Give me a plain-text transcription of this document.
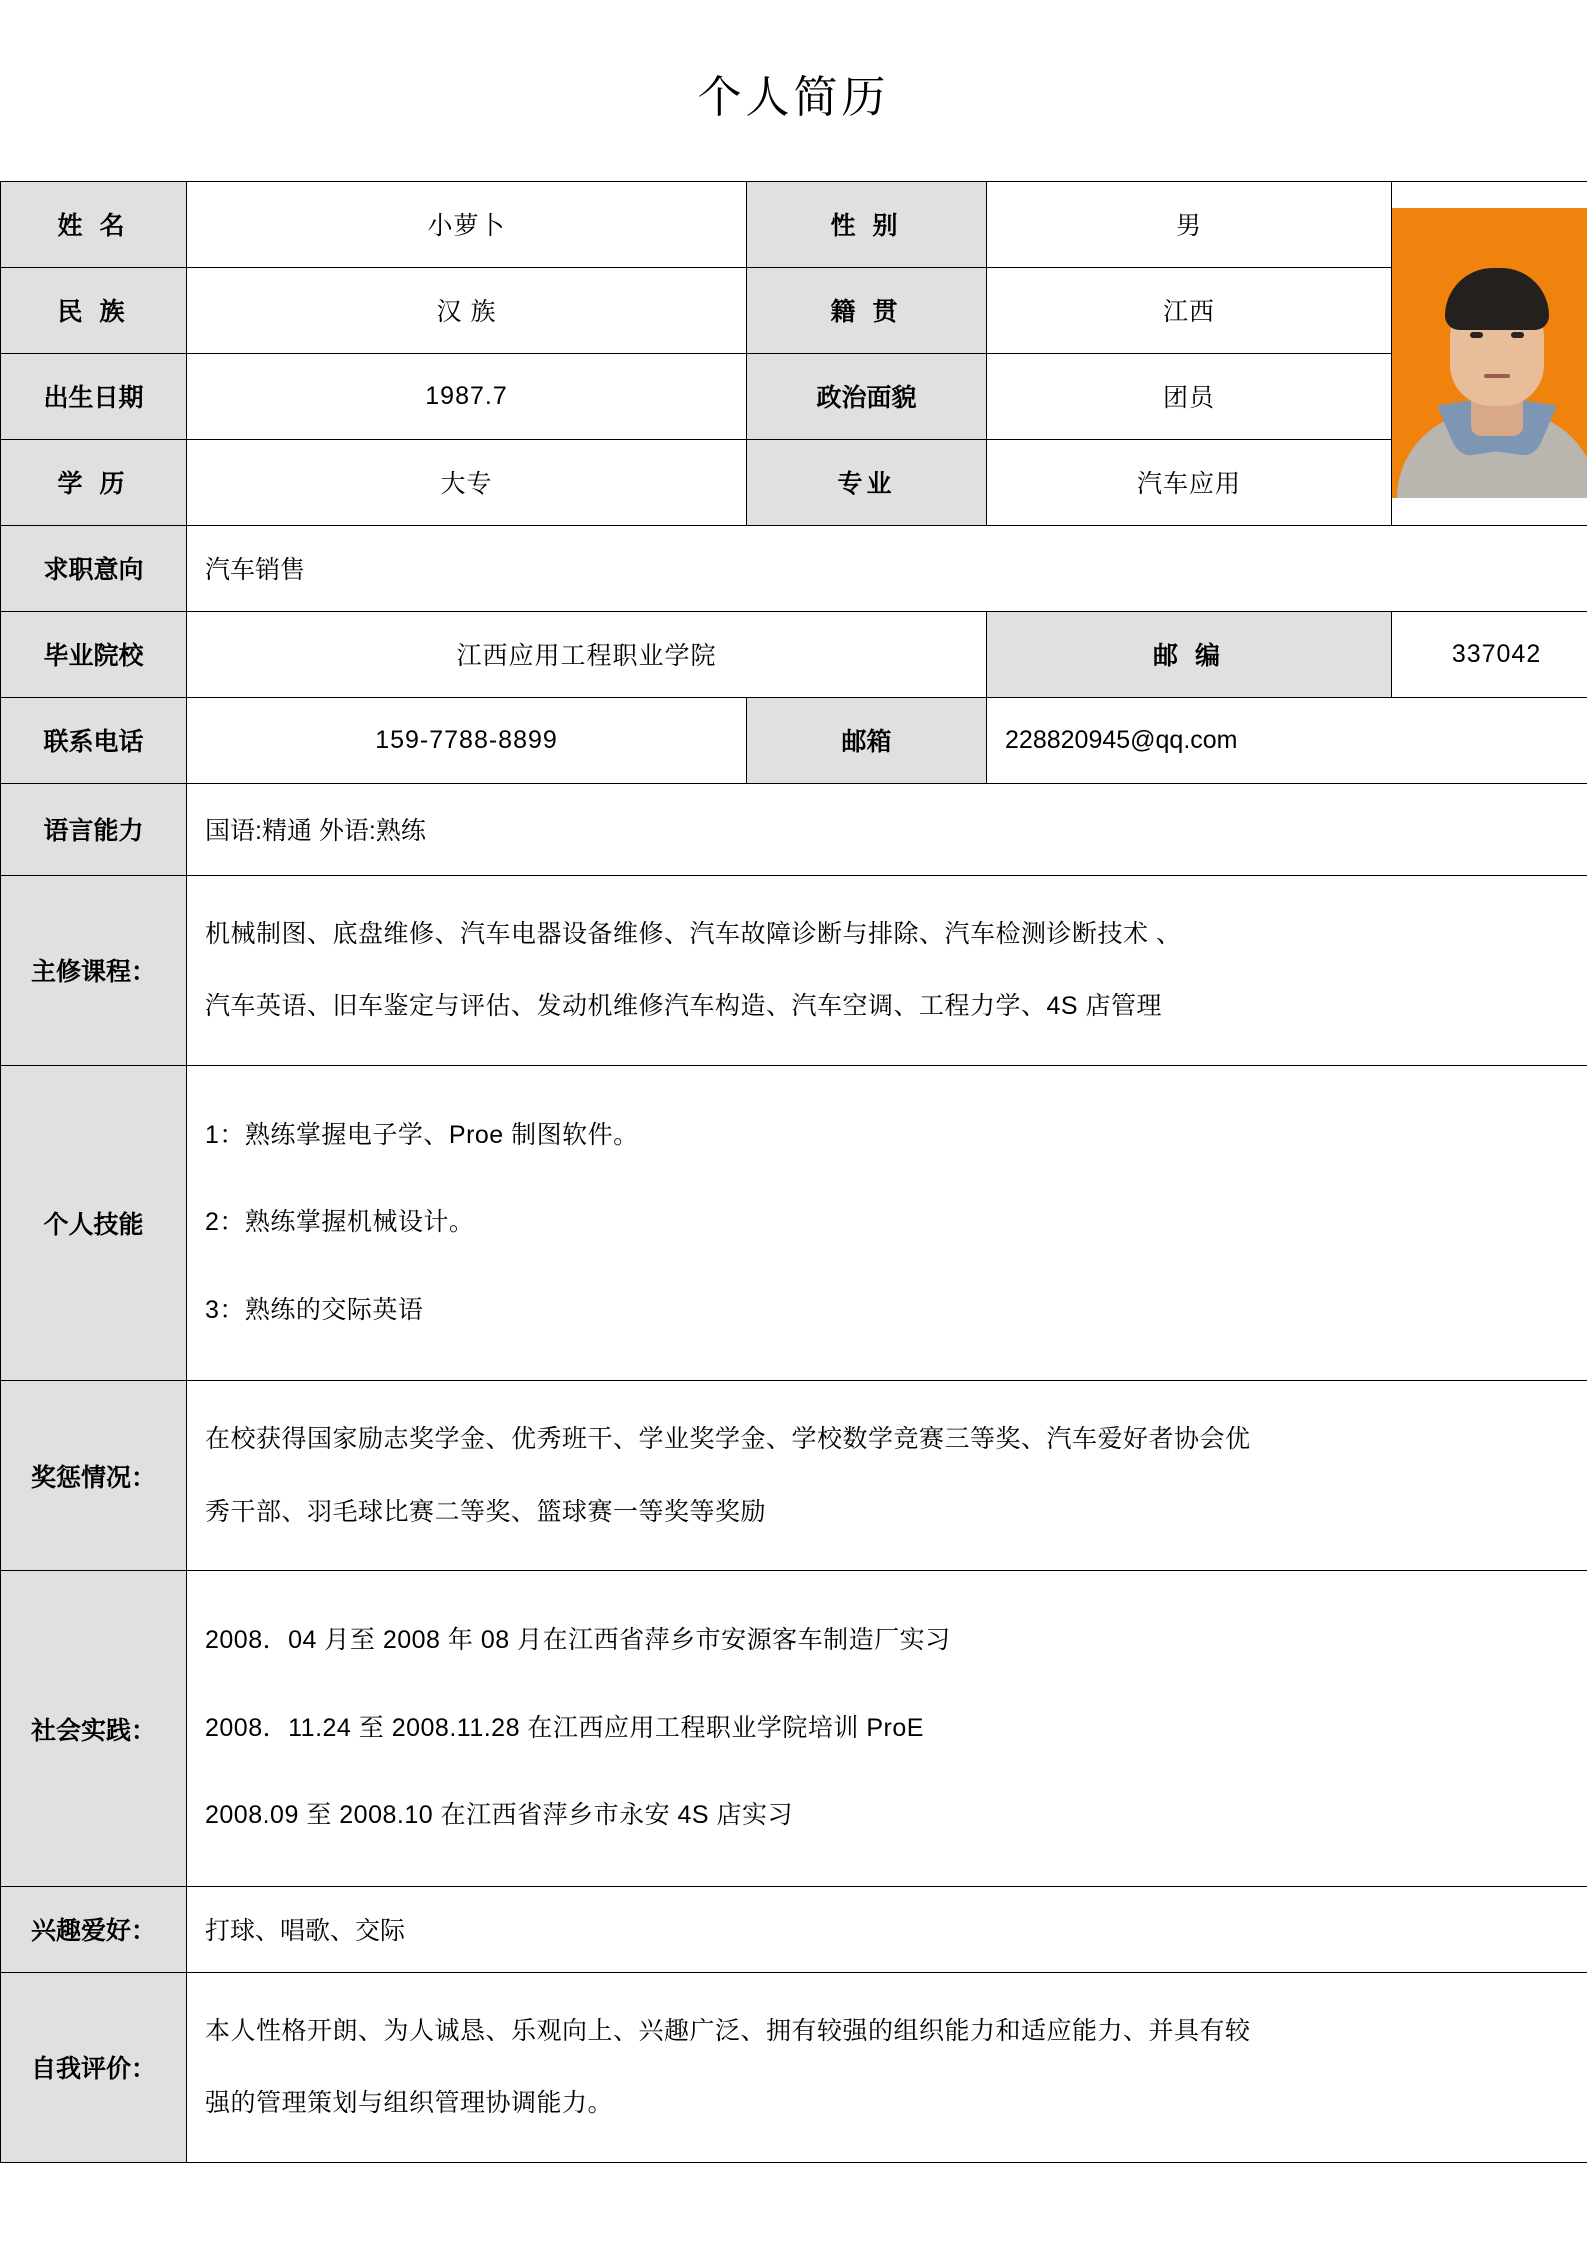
个人简历
姓 名	小萝卜	性 别	男	

民 族	汉 族	籍 贯	江西	
出生日期	1987.7	政治面貌	团员	
学 历	大专	专业	汽车应用	
求职意向	汽车销售			
毕业院校	江西应用工程职业学院		邮 编	337042
联系电话	159-7788-8899	邮箱	228820945@qq.com	
语言能力	国语:精通 外语:熟练			
主修课程：	机械制图、底盘维修、汽车电器设备维修、汽车故障诊断与排除、汽车检测诊断技术 、
汽车英语、旧车鉴定与评估、发动机维修汽车构造、汽车空调、工程力学、4S 店管理			

个人技能	1：熟练掌握电子学、Proe 制图软件。
2：熟练掌握机械设计。
3：熟练的交际英语			

奖惩情况：	在校获得国家励志奖学金、优秀班干、学业奖学金、学校数学竞赛三等奖、汽车爱好者协会优
秀干部、羽毛球比赛二等奖、篮球赛一等奖等奖励			

社会实践：	2008．04 月至 2008 年 08 月在江西省萍乡市安源客车制造厂实习
2008．11.24 至 2008.11.28 在江西应用工程职业学院培训 ProE
2008.09 至 2008.10 在江西省萍乡市永安 4S 店实习			

兴趣爱好：	打球、唱歌、交际			
自我评价：	本人性格开朗、为人诚恳、乐观向上、兴趣广泛、拥有较强的组织能力和适应能力、并具有较
强的管理策划与组织管理协调能力。			
